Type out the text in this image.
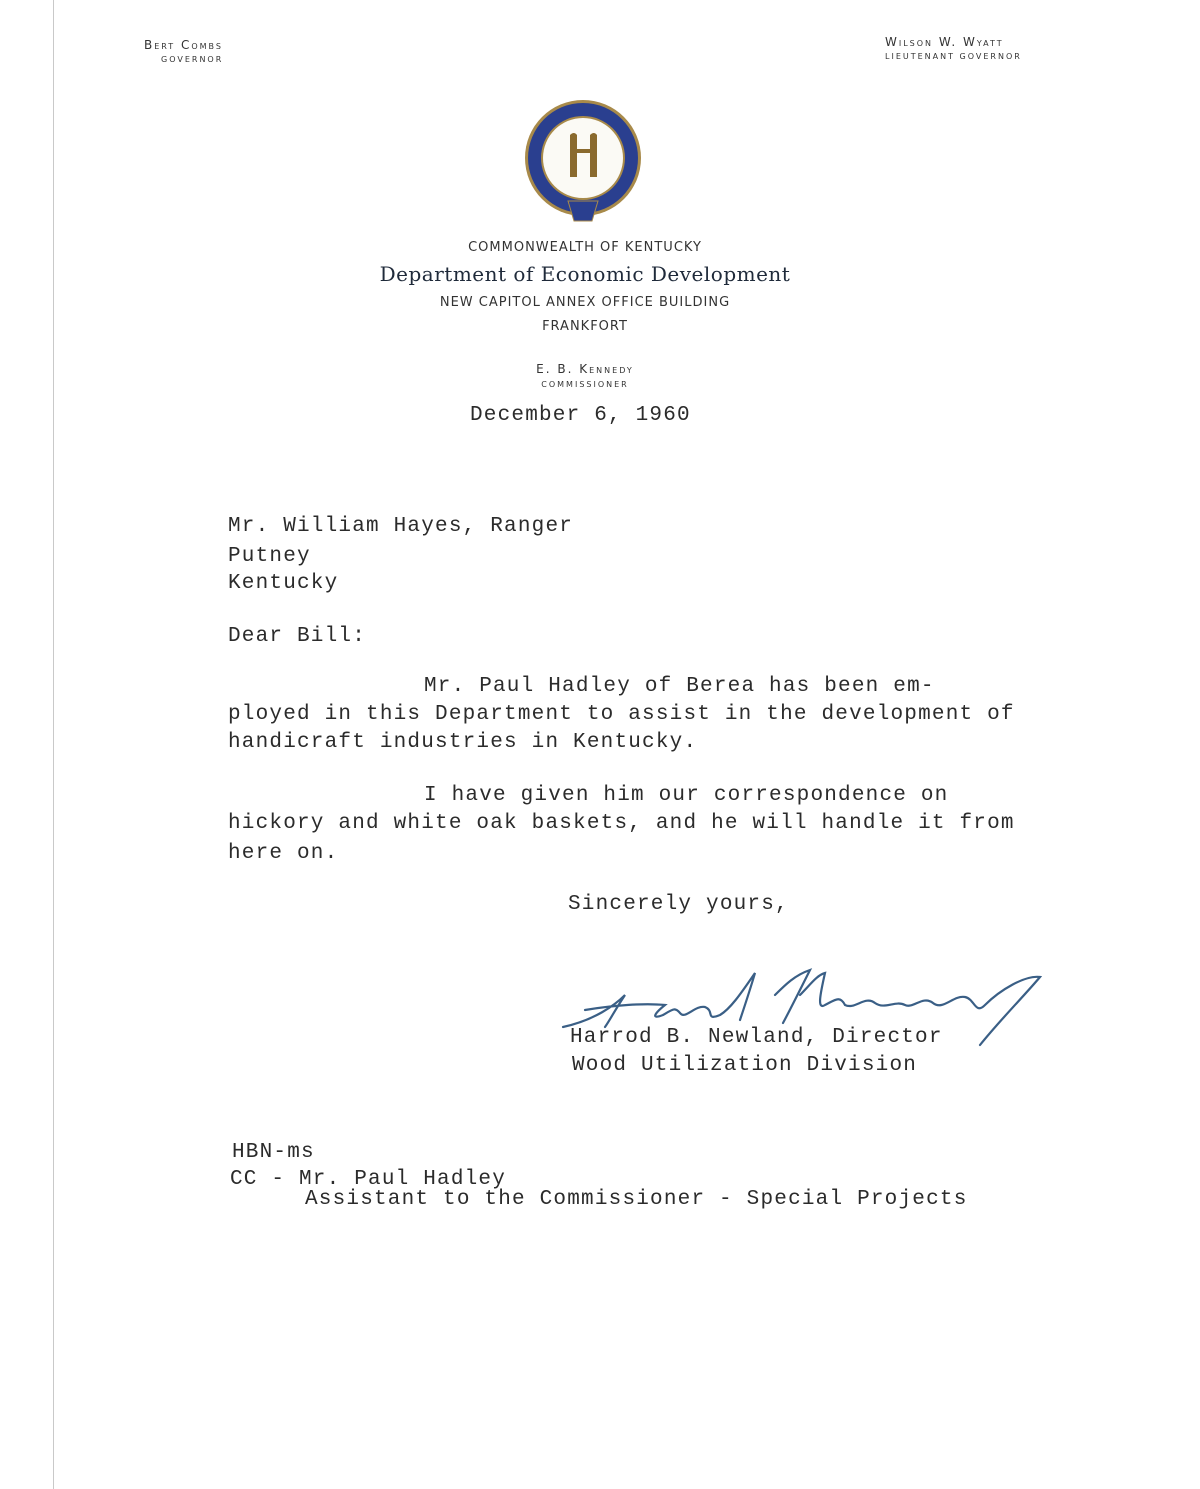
Bert Combs
GOVERNOR
Wilson W. Wyatt
LIEUTENANT GOVERNOR
COMMONWEALTH OF KENTUCKY
Department of Economic Development
NEW CAPITOL ANNEX OFFICE BUILDING
FRANKFORT
E. B. Kennedy
COMMISSIONER
December 6, 1960
Mr. William Hayes, Ranger
Putney
Kentucky
Dear Bill:
Mr. Paul Hadley of Berea has been em-
ployed in this Department to assist in the development of
handicraft industries in Kentucky.
I have given him our correspondence on
hickory and white oak baskets, and he will handle it from
here on.
Sincerely yours,
Harrod B. Newland, Director
Wood Utilization Division
HBN-ms
CC - Mr. Paul Hadley
Assistant to the Commissioner - Special Projects
